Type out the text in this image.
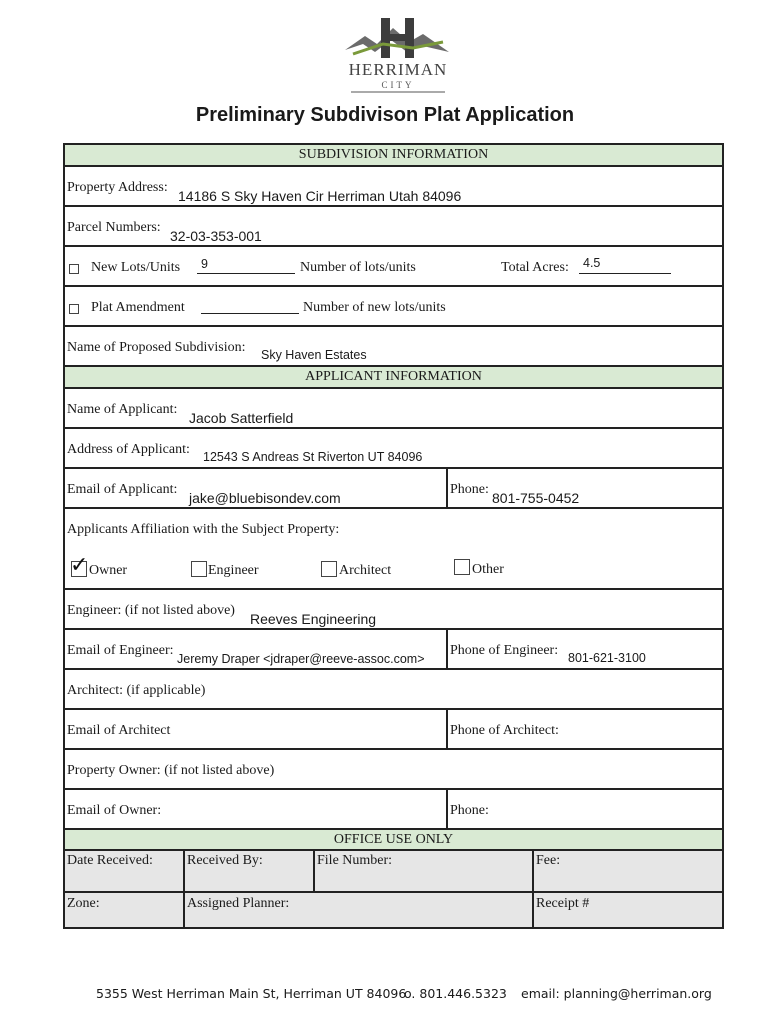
HERRIMAN
CITY
Preliminary Subdivison Plat Application
SUBDIVISION INFORMATION
Property Address:
14186 S Sky Haven Cir Herriman Utah 84096
Parcel Numbers:
32-03-353-001
New Lots/Units 9	Number of lots/units	Total Acres: 4.5
Plat Amendment	Number of new lots/units
Name of Proposed Subdivision: Sky Haven Estates
APPLICANT INFORMATION
Name of Applicant:
Jacob Satterfield
Address of Applicant: 12543 S Andreas St Riverton UT 84096
Email of Applicant:
jake@bluebisondev.com
Phone:
801-755-0452
Applicants Affiliation with the Subject Property:
✓ Owner	Engineer	Architect	Other
Engineer: (if not listed above)
Reeves Engineering
Email of Engineer:
Jeremy Draper <jdraper@reeve-assoc.com>
Phone of Engineer: 801-621-3100
Architect: (if applicable)
Email of Architect	Phone of Architect:
Property Owner: (if not listed above)
Email of Owner:	Phone:
OFFICE USE ONLY
Date Received: Received By:	File Number:	Fee:
Zone:	Assigned Planner:	Receipt #
5355 West Herriman Main St, Herriman UT 84096
o. 801.446.5323 email: planning@herriman.org
